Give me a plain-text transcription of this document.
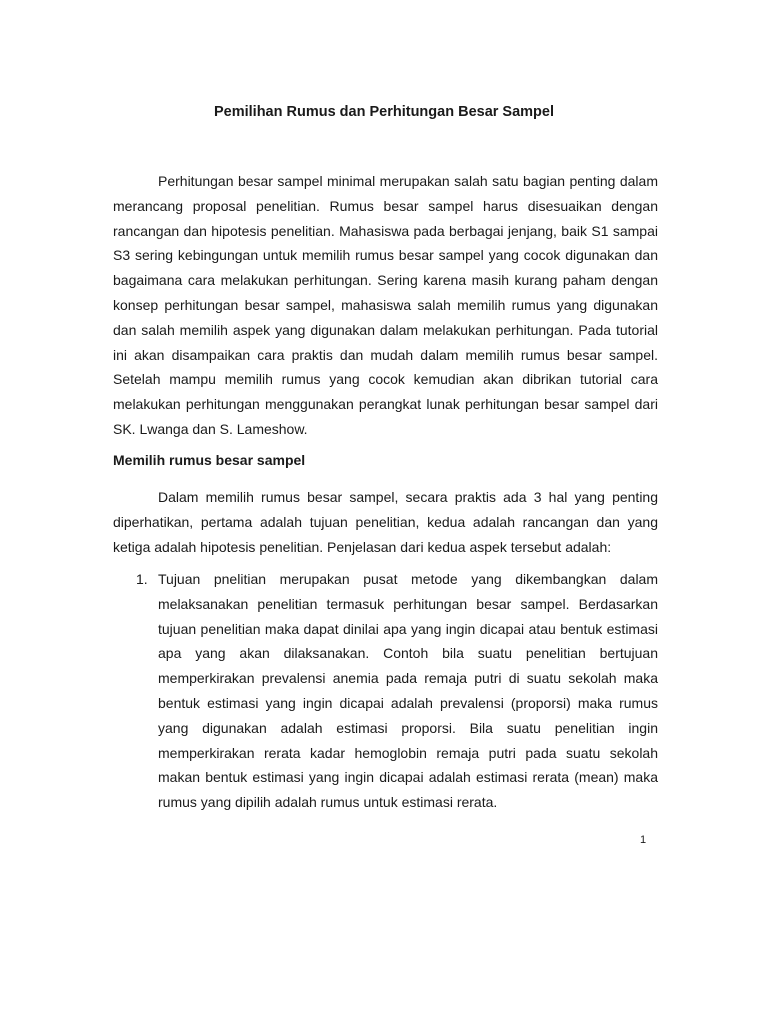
Pemilihan Rumus dan Perhitungan Besar Sampel

Perhitungan besar sampel minimal merupakan salah satu bagian penting dalam merancang proposal penelitian. Rumus besar sampel harus disesuaikan dengan rancangan dan hipotesis penelitian. Mahasiswa pada berbagai jenjang, baik S1 sampai S3 sering kebingungan untuk memilih rumus besar sampel yang cocok digunakan dan bagaimana cara melakukan perhitungan. Sering karena masih kurang paham dengan konsep perhitungan besar sampel, mahasiswa salah memilih rumus yang digunakan dan salah memilih aspek yang digunakan dalam melakukan perhitungan. Pada tutorial ini akan disampaikan cara praktis dan mudah dalam memilih rumus besar sampel. Setelah mampu memilih rumus yang cocok kemudian akan dibrikan tutorial cara melakukan perhitungan menggunakan perangkat lunak perhitungan besar sampel dari SK. Lwanga dan S. Lameshow.

Memilih rumus besar sampel

Dalam memilih rumus besar sampel, secara praktis ada 3 hal yang penting diperhatikan, pertama adalah tujuan penelitian, kedua adalah rancangan dan yang ketiga adalah hipotesis penelitian. Penjelasan dari kedua aspek tersebut adalah:

1. Tujuan pnelitian merupakan pusat metode yang dikembangkan dalam melaksanakan penelitian termasuk perhitungan besar sampel. Berdasarkan tujuan penelitian maka dapat dinilai apa yang ingin dicapai atau bentuk estimasi apa yang akan dilaksanakan. Contoh bila suatu penelitian bertujuan memperkirakan prevalensi anemia pada remaja putri di suatu sekolah maka bentuk estimasi yang ingin dicapai adalah prevalensi (proporsi) maka rumus yang digunakan adalah estimasi proporsi. Bila suatu penelitian ingin memperkirakan rerata kadar hemoglobin remaja putri pada suatu sekolah makan bentuk estimasi yang ingin dicapai adalah estimasi rerata (mean) maka rumus yang dipilih adalah rumus untuk estimasi rerata.

1
